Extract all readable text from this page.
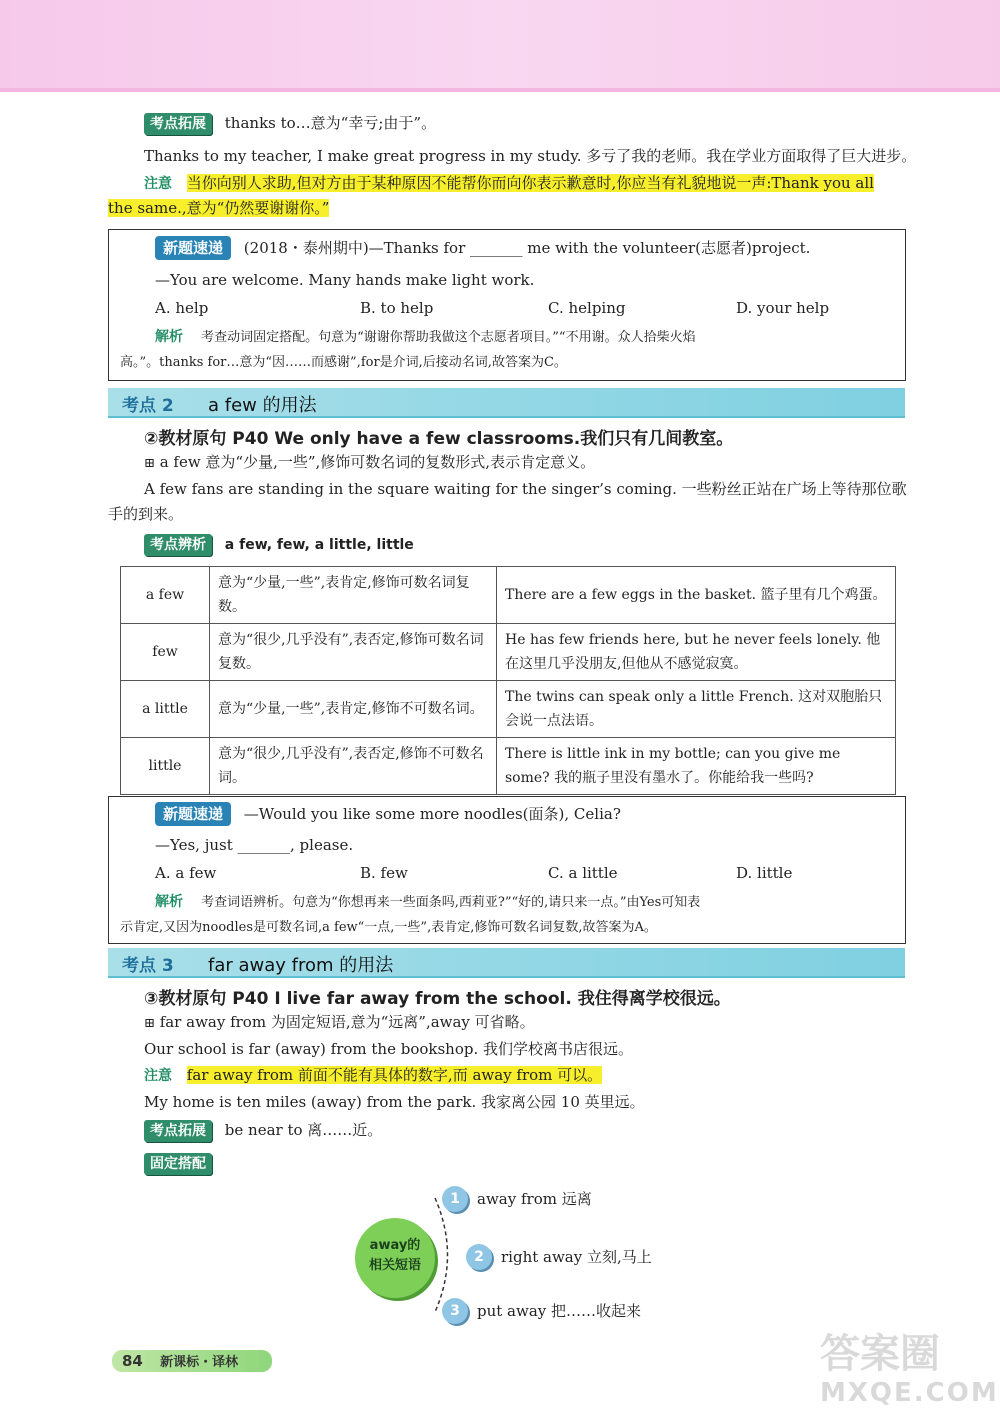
考点拓展 thanks to…意为“幸亏;由于”。
Thanks to my teacher, I make great progress in my study. 多亏了我的老师。我在学业方面取得了巨大进步。
注意 当你向别人求助,但对方由于某种原因不能帮你而向你表示歉意时,你应当有礼貌地说一声:Thank you all
the same.,意为“仍然要谢谢你。”
新题速递 (2018・泰州期中)—Thanks for _______ me with the volunteer(志愿者)project.
—You are welcome. Many hands make light work.
A. help	B. to help	C. helping	D. your help
解析 考查动词固定搭配。句意为“谢谢你帮助我做这个志愿者项目。”“不用谢。众人拾柴火焰
高。”。thanks for…意为“因……而感谢”,for是介词,后接动名词,故答案为C。
考点 2 a few 的用法
②教材原句 P40 We only have a few classrooms.我们只有几间教室。
⊞ a few 意为“少量,一些”,修饰可数名词的复数形式,表示肯定意义。
A few fans are standing in the square waiting for the singer’s coming. 一些粉丝正站在广场上等待那位歌
手的到来。
考点辨析 a few, few, a little, little
a few	意为“少量,一些”,表肯定,修饰可数名词复数。	There are a few eggs in the basket. 篮子里有几个鸡蛋。
few	意为“很少,几乎没有”,表否定,修饰可数名词复数。	He has few friends here, but he never feels lonely. 他在这里几乎没朋友,但他从不感觉寂寞。
a little	意为“少量,一些”,表肯定,修饰不可数名词。	The twins can speak only a little French. 这对双胞胎只会说一点法语。
little	意为“很少,几乎没有”,表否定,修饰不可数名词。	There is little ink in my bottle; can you give me some? 我的瓶子里没有墨水了。你能给我一些吗?
新题速递 —Would you like some more noodles(面条), Celia?
—Yes, just _______, please.
A. a few	B. few	C. a little	D. little
解析 考查词语辨析。句意为“你想再来一些面条吗,西莉亚?”“好的,请只来一点。”由Yes可知表
示肯定,又因为noodles是可数名词,a few“一点,一些”,表肯定,修饰可数名词复数,故答案为A。
考点 3 far away from 的用法
③教材原句 P40 I live far away from the school. 我住得离学校很远。
⊞ far away from 为固定短语,意为“远离”,away 可省略。
Our school is far (away) from the bookshop. 我们学校离书店很远。
注意 far away from 前面不能有具体的数字,而 away from 可以。
My home is ten miles (away) from the park. 我家离公园 10 英里远。
考点拓展 be near to 离……近。
固定搭配
away的
相关短语
1	away from 远离
2	right away 立刻,马上
3	put away 把……收起来
84 新课标・译林	答案圈
MXQE.COM
